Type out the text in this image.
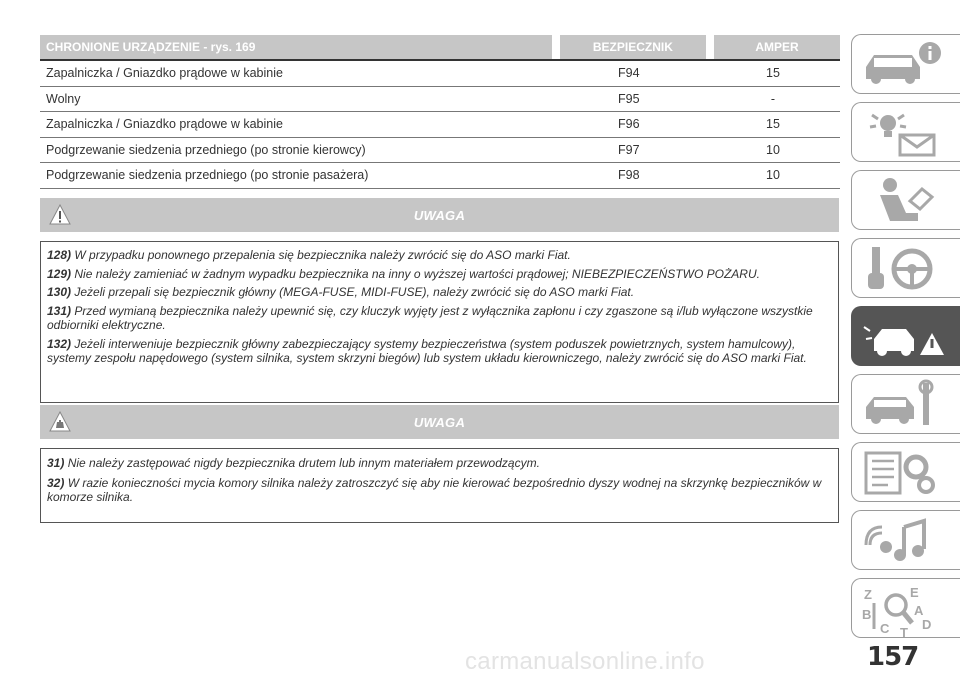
CHRONIONE URZĄDZENIE - rys. 169		BEZPIECZNIK		AMPER
Zapalniczka / Gniazdko prądowe w kabinie	F94		15	
Wolny	F95		-	
Zapalniczka / Gniazdko prądowe w kabinie	F96		15	
Podgrzewanie siedzenia przedniego (po stronie kierowcy)	F97		10	
Podgrzewanie siedzenia przedniego (po stronie pasażera)	F98		10	
UWAGA

128) W przypadku ponownego przepalenia się bezpiecznika należy zwrócić się do ASO marki Fiat.

129) Nie należy zamieniać w żadnym wypadku bezpiecznika na inny o wyższej wartości prądowej; NIEBEZPIECZEŃSTWO POŻARU.

130) Jeżeli przepali się bezpiecznik główny (MEGA-FUSE, MIDI-FUSE), należy zwrócić się do ASO marki Fiat.

131) Przed wymianą bezpiecznika należy upewnić się, czy kluczyk wyjęty jest z wyłącznika zapłonu i czy zgaszone są i/lub wyłączone wszystkie odbiorniki elektryczne.

132) Jeżeli interweniuje bezpiecznik główny zabezpieczający systemy bezpieczeństwa (system poduszek powietrznych, system hamulcowy), systemy zespołu napędowego (system silnika, system skrzyni biegów) lub system układu kierowniczego, należy zwrócić się do ASO marki Fiat.

UWAGA

31) Nie należy zastępować nigdy bezpiecznika drutem lub innym materiałem przewodzącym.

32) W razie konieczności mycia komory silnika należy zatroszczyć się aby nie kierować bezpośrednio dyszy wodnej na skrzynkę bezpieczników w komorze silnika.

Z	E
A
B
C	D
T
carmanualsonline.info	157
